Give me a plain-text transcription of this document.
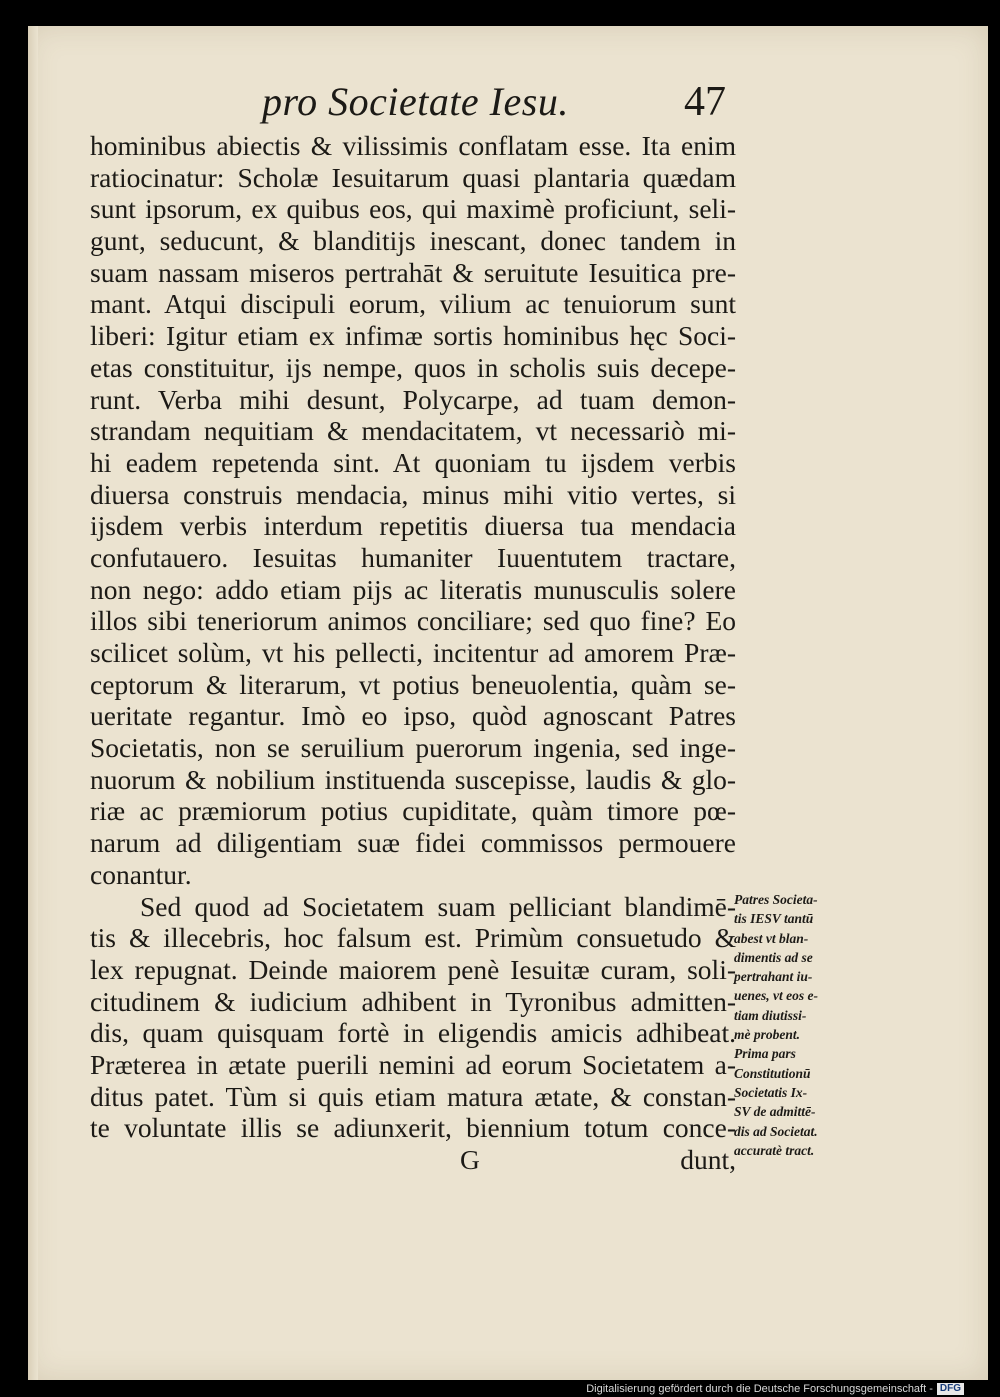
pro Societate Iesu.	47
hominibus abiectis & vilissimis conflatam esse. Ita enim
ratiocinatur: Scholæ Iesuitarum quasi plantaria quædam
sunt ipsorum, ex quibus eos, qui maximè proficiunt, seli-
gunt, seducunt, & blanditijs inescant, donec tandem in
suam nassam miseros pertrahāt & seruitute Iesuitica pre-
mant. Atqui discipuli eorum, vilium ac tenuiorum sunt
liberi: Igitur etiam ex infimæ sortis hominibus hęc Soci-
etas constituitur, ijs nempe, quos in scholis suis decepe-
runt. Verba mihi desunt, Polycarpe, ad tuam demon-
strandam nequitiam & mendacitatem, vt necessariò mi-
hi eadem repetenda sint. At quoniam tu ijsdem verbis
diuersa construis mendacia, minus mihi vitio vertes, si
ijsdem verbis interdum repetitis diuersa tua mendacia
confutauero. Iesuitas humaniter Iuuentutem tractare,
non nego: addo etiam pijs ac literatis munusculis solere
illos sibi teneriorum animos conciliare; sed quo fine? Eo
scilicet solùm, vt his pellecti, incitentur ad amorem Præ-
ceptorum & literarum, vt potius beneuolentia, quàm se-
ueritate regantur. Imò eo ipso, quòd agnoscant Patres
Societatis, non se seruilium puerorum ingenia, sed inge-
nuorum & nobilium instituenda suscepisse, laudis & glo-
riæ ac præmiorum potius cupiditate, quàm timore pœ-
narum ad diligentiam suæ fidei commissos permouere
conantur.
Sed quod ad Societatem suam pelliciant blandimē-
tis & illecebris, hoc falsum est. Primùm consuetudo &
lex repugnat. Deinde maiorem penè Iesuitæ curam, soli-
citudinem & iudicium adhibent in Tyronibus admitten-
dis, quam quisquam fortè in eligendis amicis adhibeat.
Præterea in ætate puerili nemini ad eorum Societatem a-
ditus patet. Tùm si quis etiam matura ætate, & constan-
te voluntate illis se adiunxerit, biennium totum conce-
G	dunt,
Patres Societa-
tis IESV tantū
abest vt blan-
dimentis ad se
pertrahant iu-
uenes, vt eos e-
tiam diutissi-
mè probent.
Prima pars
Constitutionū
Societatis Ix-
SV de admittē-
dis ad Societat.
accuratè tract.
Digitalisierung gefördert durch die Deutsche Forschungsgemeinschaft - DFG
